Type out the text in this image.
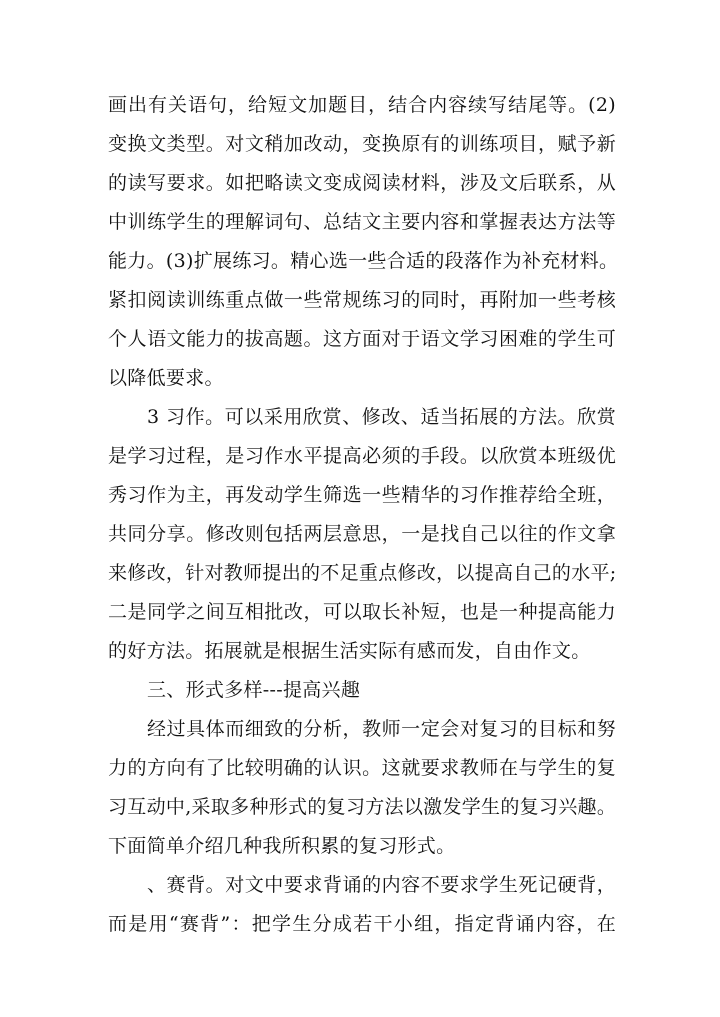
画出有关语句，给短文加题目，结合内容续写结尾等。(2)
变换文类型。对文稍加改动，变换原有的训练项目，赋予新
的读写要求。如把略读文变成阅读材料，涉及文后联系，从
中训练学生的理解词句、总结文主要内容和掌握表达方法等
能力。(3)扩展练习。精心选一些合适的段落作为补充材料。
紧扣阅读训练重点做一些常规练习的同时，再附加一些考核
个人语文能力的拔高题。这方面对于语文学习困难的学生可
以降低要求。
3 习作。可以采用欣赏、修改、适当拓展的方法。欣赏
是学习过程，是习作水平提高必须的手段。以欣赏本班级优
秀习作为主，再发动学生筛选一些精华的习作推荐给全班，
共同分享。修改则包括两层意思，一是找自己以往的作文拿
来修改，针对教师提出的不足重点修改，以提高自己的水平;
二是同学之间互相批改，可以取长补短，也是一种提高能力
的好方法。拓展就是根据生活实际有感而发，自由作文。
三、形式多样---提高兴趣
经过具体而细致的分析，教师一定会对复习的目标和努
力的方向有了比较明确的认识。这就要求教师在与学生的复
习互动中,采取多种形式的复习方法以激发学生的复习兴趣。
下面简单介绍几种我所积累的复习形式。
、赛背。对文中要求背诵的内容不要求学生死记硬背，
而是用“赛背”：把学生分成若干小组，指定背诵内容，在
